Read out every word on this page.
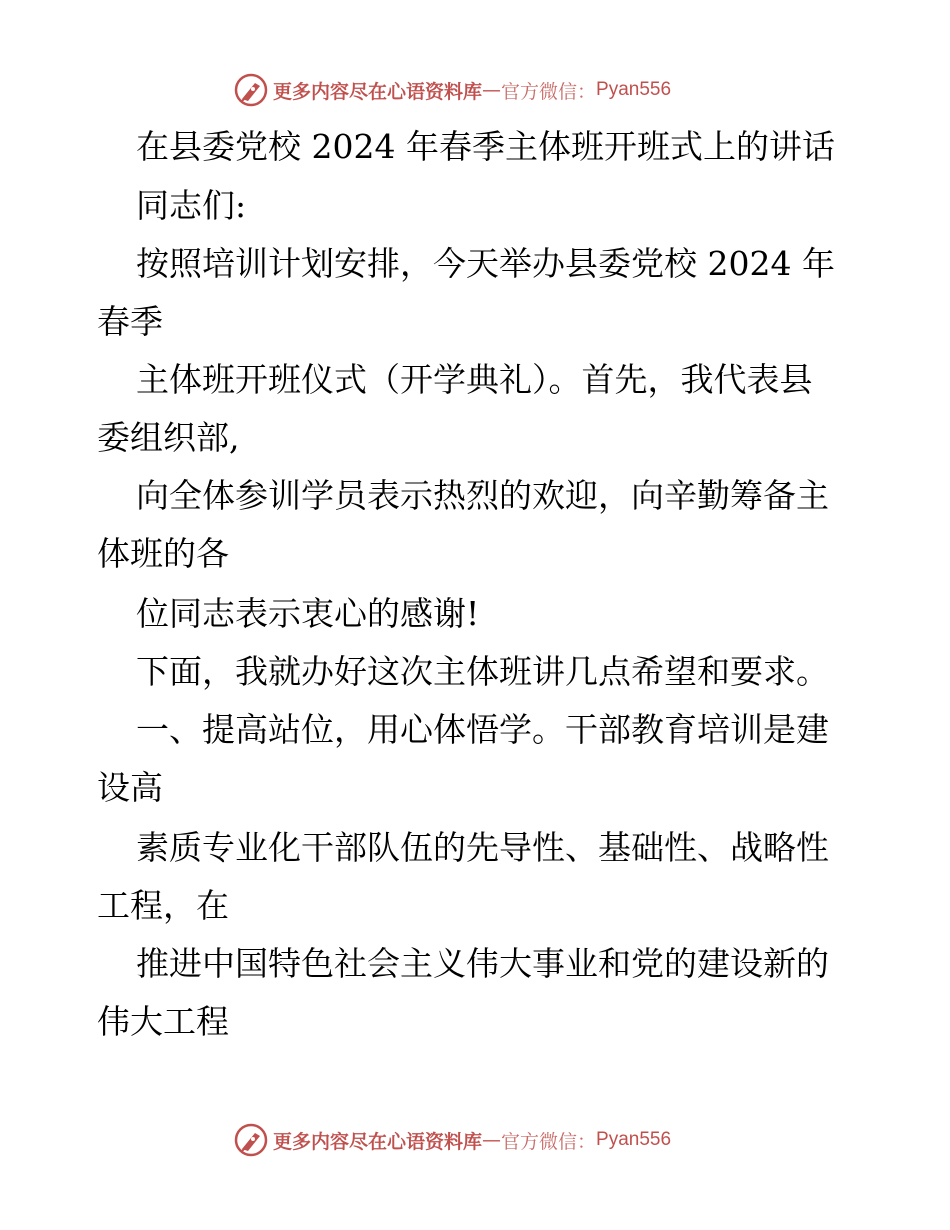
更多内容尽在心语资料库 — 官方微信： Pyan556
在县委党校 2024 年春季主体班开班式上的讲话
同志们:
按照培训计划安排，今天举办县委党校 2024 年
春季
主体班开班仪式（开学典礼）。首先，我代表县
委组织部,
向全体参训学员表示热烈的欢迎，向辛勤筹备主
体班的各
位同志表示衷心的感谢!
下面，我就办好这次主体班讲几点希望和要求。
一、提高站位，用心体悟学。干部教育培训是建
设高
素质专业化干部队伍的先导性、基础性、战略性
工程，在
推进中国特色社会主义伟大事业和党的建设新的
伟大工程
更多内容尽在心语资料库 — 官方微信： Pyan556
